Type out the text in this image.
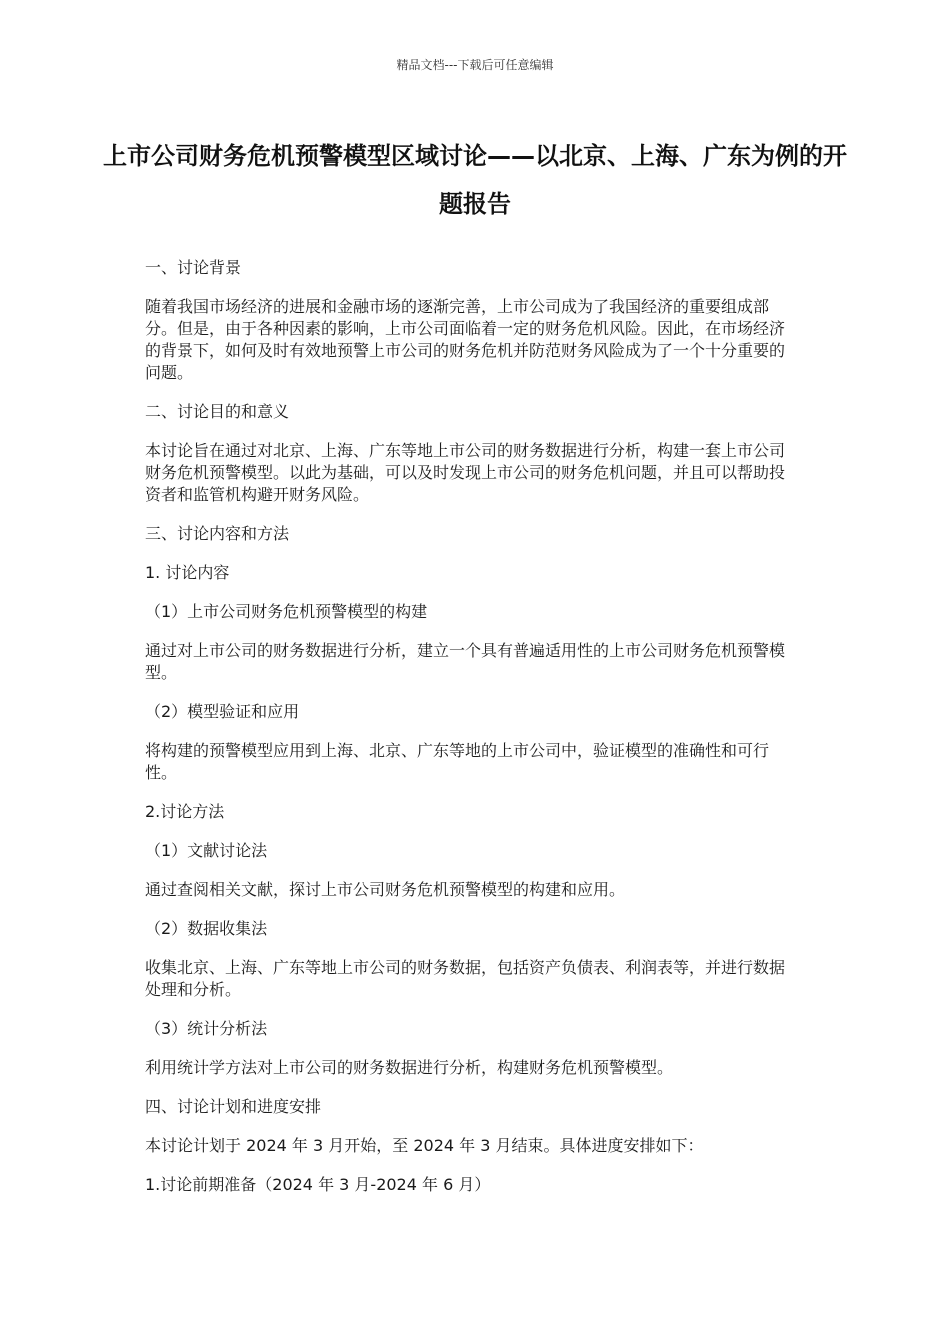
精品文档---下载后可任意编辑
上市公司财务危机预警模型区域讨论——以北京、上海、广东为例的开题报告

一、讨论背景

随着我国市场经济的进展和金融市场的逐渐完善，上市公司成为了我国经济的重要组成部分。但是，由于各种因素的影响，上市公司面临着一定的财务危机风险。因此，在市场经济的背景下，如何及时有效地预警上市公司的财务危机并防范财务风险成为了一个十分重要的问题。

二、讨论目的和意义

本讨论旨在通过对北京、上海、广东等地上市公司的财务数据进行分析，构建一套上市公司财务危机预警模型。以此为基础，可以及时发现上市公司的财务危机问题，并且可以帮助投资者和监管机构避开财务风险。

三、讨论内容和方法

1. 讨论内容

（1）上市公司财务危机预警模型的构建

通过对上市公司的财务数据进行分析，建立一个具有普遍适用性的上市公司财务危机预警模型。

（2）模型验证和应用

将构建的预警模型应用到上海、北京、广东等地的上市公司中，验证模型的准确性和可行性。

2.讨论方法

（1）文献讨论法

通过查阅相关文献，探讨上市公司财务危机预警模型的构建和应用。

（2）数据收集法

收集北京、上海、广东等地上市公司的财务数据，包括资产负债表、利润表等，并进行数据处理和分析。

（3）统计分析法

利用统计学方法对上市公司的财务数据进行分析，构建财务危机预警模型。

四、讨论计划和进度安排

本讨论计划于 2024 年 3 月开始，至 2024 年 3 月结束。具体进度安排如下：

1.讨论前期准备（2024 年 3 月-2024 年 6 月）
